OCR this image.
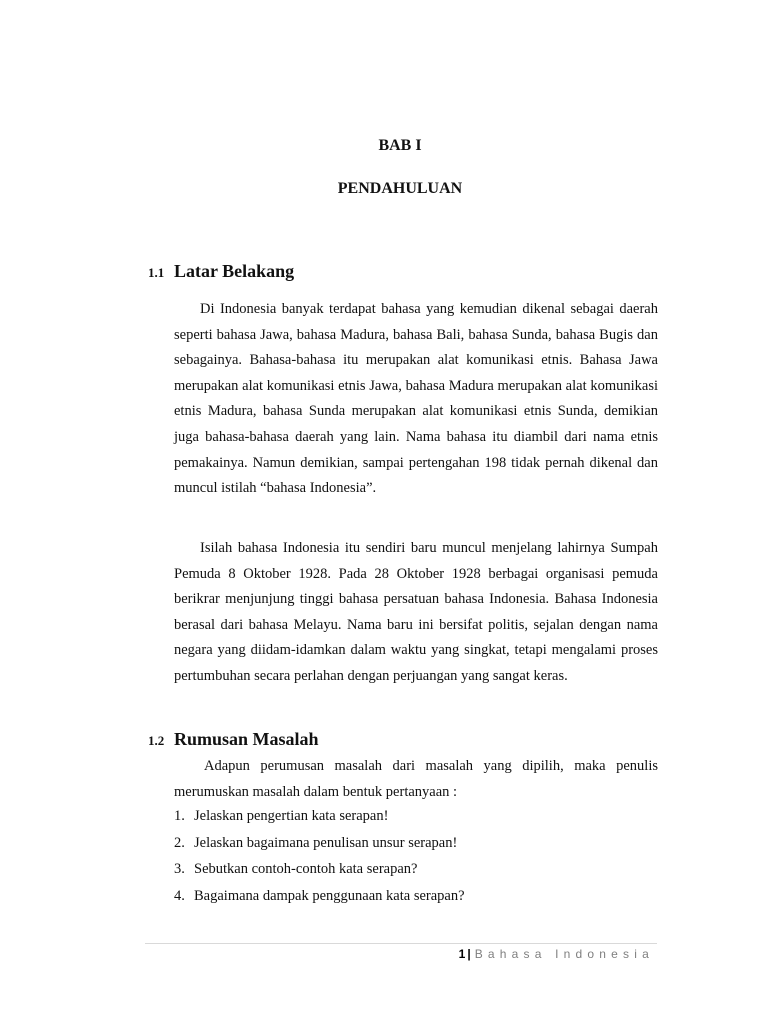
BAB I
PENDAHULUAN
1.1 Latar Belakang

Di Indonesia banyak terdapat bahasa yang kemudian dikenal sebagai daerah seperti bahasa Jawa, bahasa Madura, bahasa Bali, bahasa Sunda, bahasa Bugis dan sebagainya. Bahasa-bahasa itu merupakan alat komunikasi etnis. Bahasa Jawa merupakan alat komunikasi etnis Jawa, bahasa Madura merupakan alat komunikasi etnis Madura, bahasa Sunda merupakan alat komunikasi etnis Sunda, demikian juga bahasa-bahasa daerah yang lain. Nama bahasa itu diambil dari nama etnis pemakainya. Namun demikian, sampai pertengahan 198 tidak pernah dikenal dan muncul istilah “bahasa Indonesia”.

Isilah bahasa Indonesia itu sendiri baru muncul menjelang lahirnya Sumpah Pemuda 8 Oktober 1928. Pada 28 Oktober 1928 berbagai organisasi pemuda berikrar menjunjung tinggi bahasa persatuan bahasa Indonesia. Bahasa Indonesia berasal dari bahasa Melayu. Nama baru ini bersifat politis, sejalan dengan nama negara yang diidam-idamkan dalam waktu yang singkat, tetapi mengalami proses pertumbuhan secara perlahan dengan perjuangan yang sangat keras.

1.2 Rumusan Masalah

Adapun perumusan masalah dari masalah yang dipilih, maka penulis merumuskan masalah dalam bentuk pertanyaan :

1. Jelaskan pengertian kata serapan!
2. Jelaskan bagaimana penulisan unsur serapan!
3. Sebutkan contoh-contoh kata serapan?
4. Bagaimana dampak penggunaan kata serapan?
1 | Bahasa Indonesia
